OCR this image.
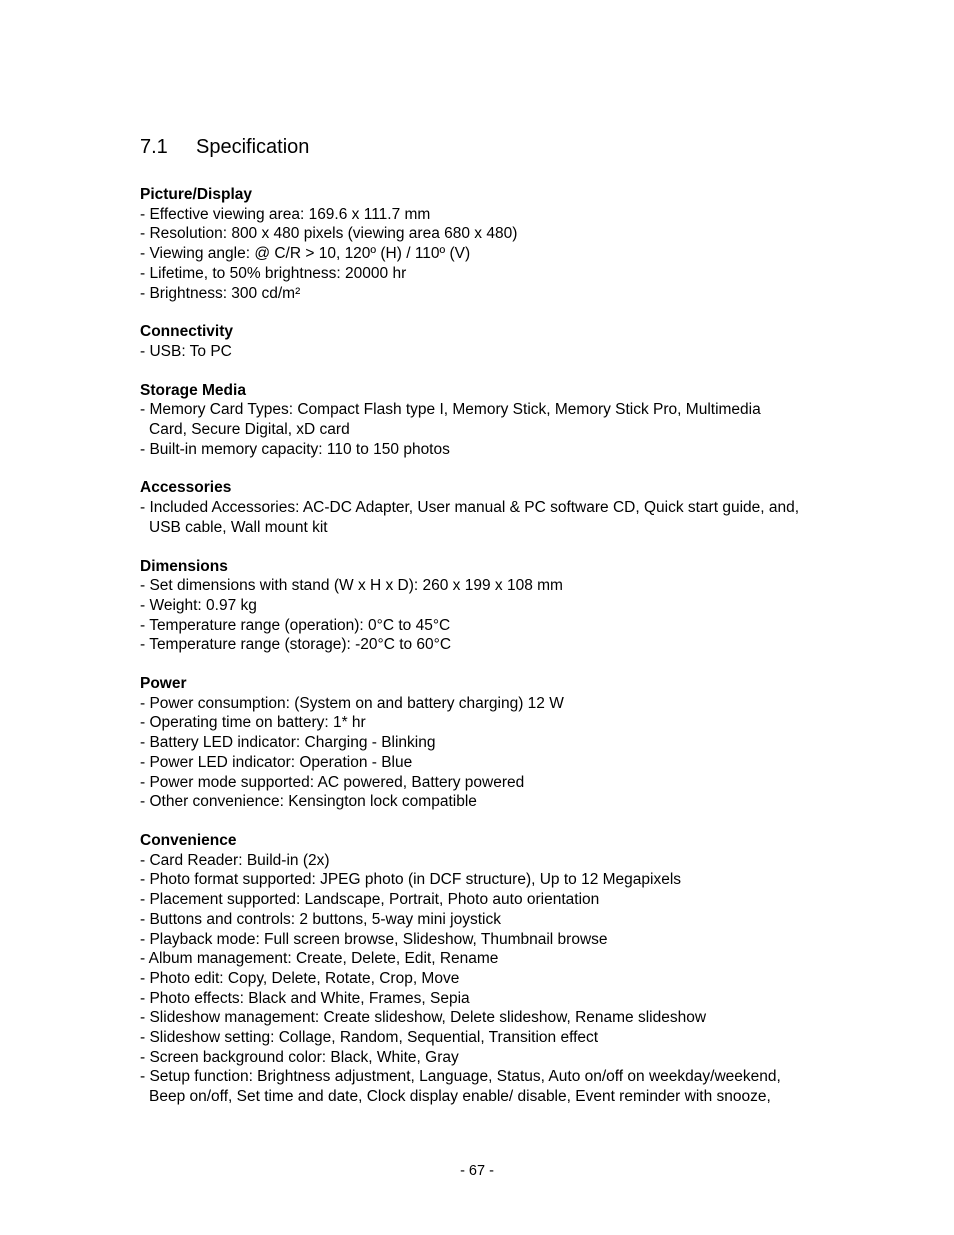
7.1	Specification

Picture/Display

- Effective viewing area: 169.6 x 111.7 mm

- Resolution: 800 x 480 pixels (viewing area 680 x 480)

- Viewing angle: @ C/R > 10, 120º (H) / 110º (V)

- Lifetime, to 50% brightness: 20000 hr

- Brightness: 300 cd/m²

Connectivity

- USB: To PC

Storage Media

- Memory Card Types: Compact Flash type I, Memory Stick, Memory Stick Pro, Multimedia Card, Secure Digital, xD card

- Built-in memory capacity: 110 to 150 photos

Accessories

- Included Accessories: AC-DC Adapter, User manual & PC software CD, Quick start guide, and, USB cable, Wall mount kit

Dimensions

- Set dimensions with stand (W x H x D): 260 x 199 x 108 mm

- Weight: 0.97 kg

- Temperature range (operation): 0°C to 45°C

- Temperature range (storage): -20°C to 60°C

Power

- Power consumption: (System on and battery charging) 12 W

- Operating time on battery: 1* hr

- Battery LED indicator: Charging - Blinking

- Power LED indicator: Operation - Blue

- Power mode supported: AC powered, Battery powered

- Other convenience: Kensington lock compatible

Convenience

- Card Reader: Build-in (2x)

- Photo format supported: JPEG photo (in DCF structure), Up to 12 Megapixels

- Placement supported: Landscape, Portrait, Photo auto orientation

- Buttons and controls: 2 buttons, 5-way mini joystick

- Playback mode: Full screen browse, Slideshow, Thumbnail browse

- Album management: Create, Delete, Edit, Rename

- Photo edit: Copy, Delete, Rotate, Crop, Move

- Photo effects: Black and White, Frames, Sepia

- Slideshow management: Create slideshow, Delete slideshow, Rename slideshow

- Slideshow setting: Collage, Random, Sequential, Transition effect

- Screen background color: Black, White, Gray

- Setup function: Brightness adjustment, Language, Status, Auto on/off on weekday/weekend, Beep on/off, Set time and date, Clock display enable/ disable, Event reminder with snooze,

- 67 -
